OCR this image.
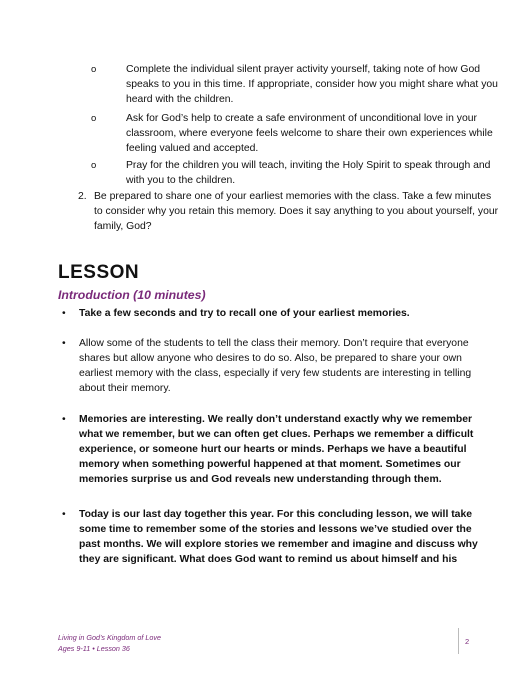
o	Complete the individual silent prayer activity yourself, taking note of how God

speaks to you in this time. If appropriate, consider how you might share what you

heard with the children.

o	Ask for God’s help to create a safe environment of unconditional love in your

classroom, where everyone feels welcome to share their own experiences while

feeling valued and accepted.

o	Pray for the children you will teach, inviting the Holy Spirit to speak through and

with you to the children.

2. Be prepared to share one of your earliest memories with the class. Take a few minutes

to consider why you retain this memory. Does it say anything to you about yourself, your

family, God?

LESSON
Introduction (10 minutes)
• Take a few seconds and try to recall one of your earliest memories.

• Allow some of the students to tell the class their memory. Don’t require that everyone

shares but allow anyone who desires to do so. Also, be prepared to share your own

earliest memory with the class, especially if very few students are interesting in telling

about their memory.

• Memories are interesting. We really don’t understand exactly why we remember

what we remember, but we can often get clues. Perhaps we remember a difficult

experience, or someone hurt our hearts or minds. Perhaps we have a beautiful

memory when something powerful happened at that moment. Sometimes our

memories surprise us and God reveals new understanding through them.

• Today is our last day together this year. For this concluding lesson, we will take

some time to remember some of the stories and lessons we’ve studied over the

past months. We will explore stories we remember and imagine and discuss why

they are significant. What does God want to remind us about himself and his

Living in God’s Kingdom of Love

Ages 9-11 • Lesson 36

2
